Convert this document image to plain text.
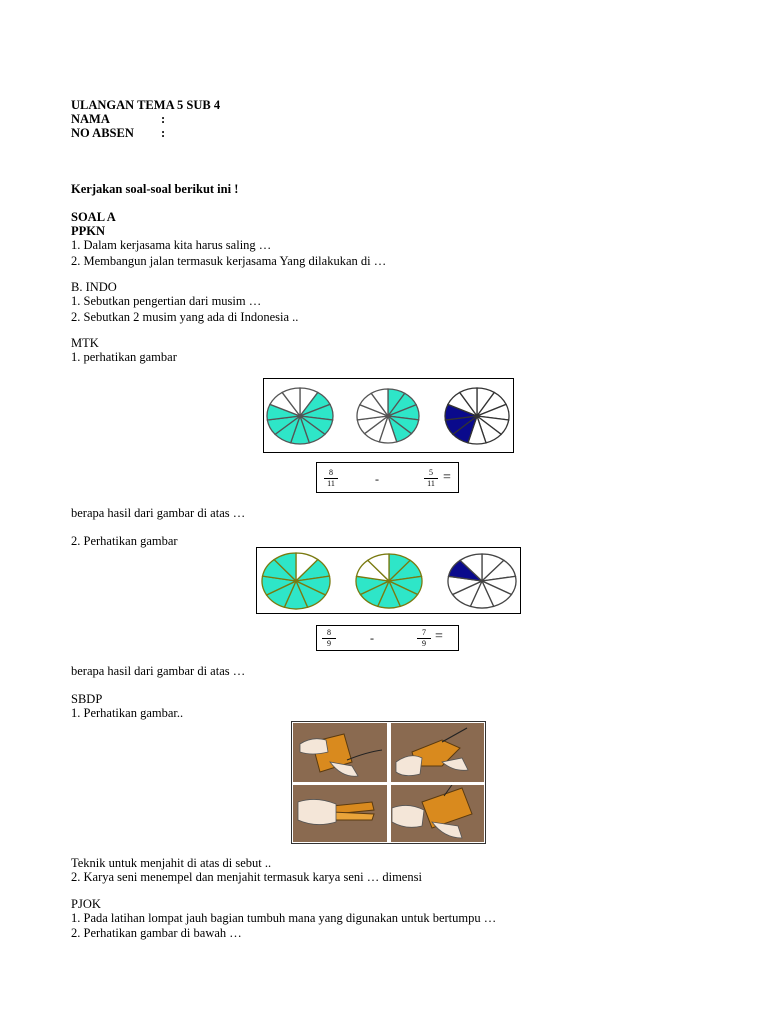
ULANGAN TEMA 5 SUB 4
NAMA	:
NO ABSEN :
Kerjakan soal-soal berikut ini !
SOAL A
PPKN
1. Dalam kerjasama kita harus saling …
2. Membangun jalan termasuk kerjasama Yang dilakukan di …
B. INDO
1. Sebutkan pengertian dari musim …
2. Sebutkan 2 musim yang ada di Indonesia ..
MTK
1. perhatikan gambar
8
11	-	5
11 =
berapa hasil dari gambar di atas …
2. Perhatikan gambar
8
9	-	7
9 =
berapa hasil dari gambar di atas …
SBDP
1. Perhatikan gambar..
Teknik untuk menjahit di atas di sebut ..
2. Karya seni menempel dan menjahit termasuk karya seni … dimensi
PJOK
1. Pada latihan lompat jauh bagian tumbuh mana yang digunakan untuk bertumpu …
2. Perhatikan gambar di bawah …
